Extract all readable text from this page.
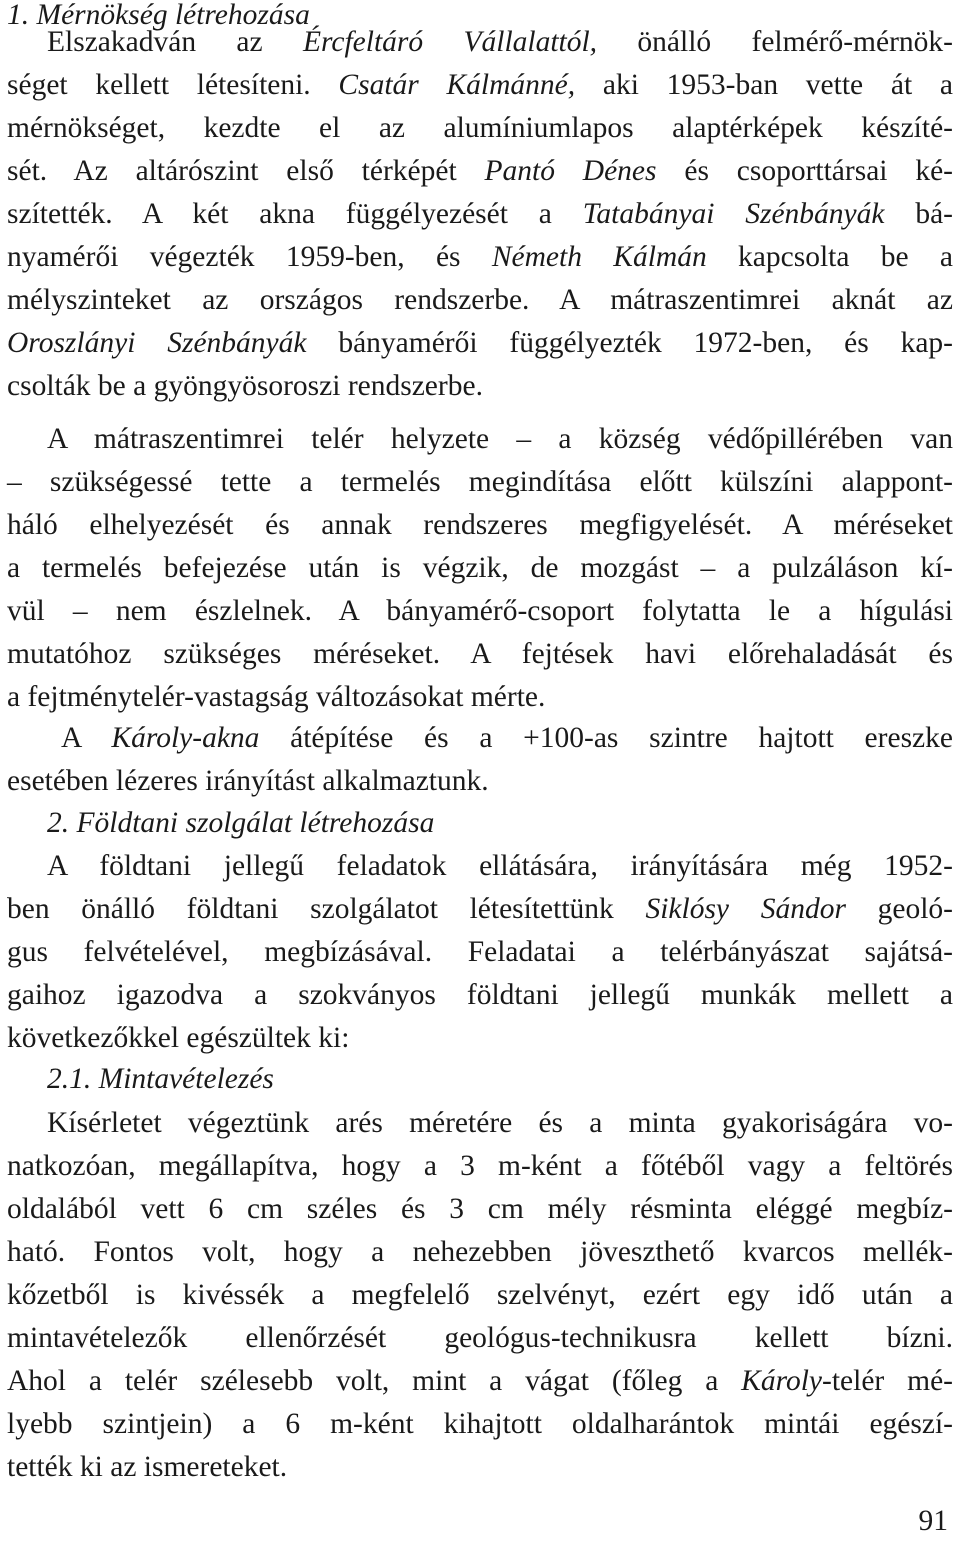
1. Mérnökség létrehozása
Elszakadván az Ércfeltáró Vállalattól, önálló felmérő-mérnök-
séget kellett létesíteni. Csatár Kálmánné, aki 1953-ban vette át a
mérnökséget, kezdte el az alumíniumlapos alaptérképek készíté-
sét. Az altárószint első térképét Pantó Dénes és csoporttársai ké-
szítették. A két akna függélyezését a Tatabányai Szénbányák bá-
nyamérői végezték 1959-ben, és Németh Kálmán kapcsolta be a
mélyszinteket az országos rendszerbe. A mátraszentimrei aknát az
Oroszlányi Szénbányák bányamérői függélyezték 1972-ben, és kap-
csolták be a gyöngyösoroszi rendszerbe.
A mátraszentimrei telér helyzete – a község védőpillérében van
– szükségessé tette a termelés megindítása előtt külszíni alappont-
háló elhelyezését és annak rendszeres megfigyelését. A méréseket
a termelés befejezése után is végzik, de mozgást – a pulzáláson kí-
vül – nem észlelnek. A bányamérő-csoport folytatta le a hígulási
mutatóhoz szükséges méréseket. A fejtések havi előrehaladását és
a fejtménytelér-vastagság változásokat mérte.
A Károly-akna átépítése és a +100-as szintre hajtott ereszke
esetében lézeres irányítást alkalmaztunk.
2. Földtani szolgálat létrehozása
A földtani jellegű feladatok ellátására, irányítására még 1952-
ben önálló földtani szolgálatot létesítettünk Siklósy Sándor geoló-
gus felvételével, megbízásával. Feladatai a telérbányászat sajátsá-
gaihoz igazodva a szokványos földtani jellegű munkák mellett a
következőkkel egészültek ki:
2.1. Mintavételezés
Kísérletet végeztünk arés méretére és a minta gyakoriságára vo-
natkozóan, megállapítva, hogy a 3 m-ként a főtéből vagy a feltörés
oldalából vett 6 cm széles és 3 cm mély résminta eléggé megbíz-
ható. Fontos volt, hogy a nehezebben jöveszthető kvarcos mellék-
kőzetből is kivéssék a megfelelő szelvényt, ezért egy idő után a
mintavételezők ellenőrzését geológus-technikusra kellett bízni.
Ahol a telér szélesebb volt, mint a vágat (főleg a Károly-telér mé-
lyebb szintjein) a 6 m-ként kihajtott oldalharántok mintái egészí-
tették ki az ismereteket.
91
